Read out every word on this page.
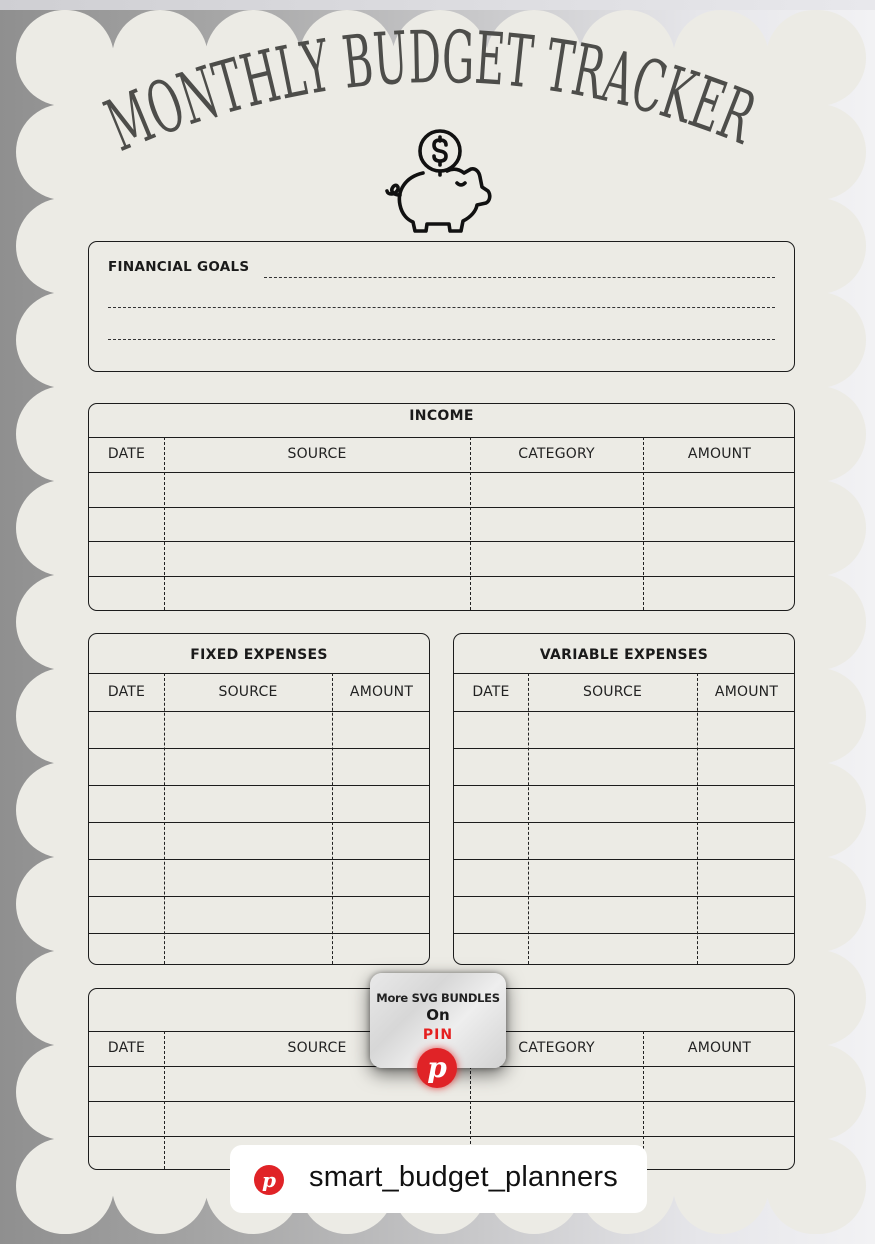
MONTHLY BUDGET TRACKER
FINANCIAL GOALS
INCOME
DATE	SOURCE	CATEGORY	AMOUNT
FIXED EXPENSES
DATE	SOURCE	AMOUNT
VARIABLE EXPENSES
DATE	SOURCE	AMOUNT
DATE	SOURCE	CATEGORY	AMOUNT
More SVG BUNDLES
On
PIN
p
p smart_budget_planners
